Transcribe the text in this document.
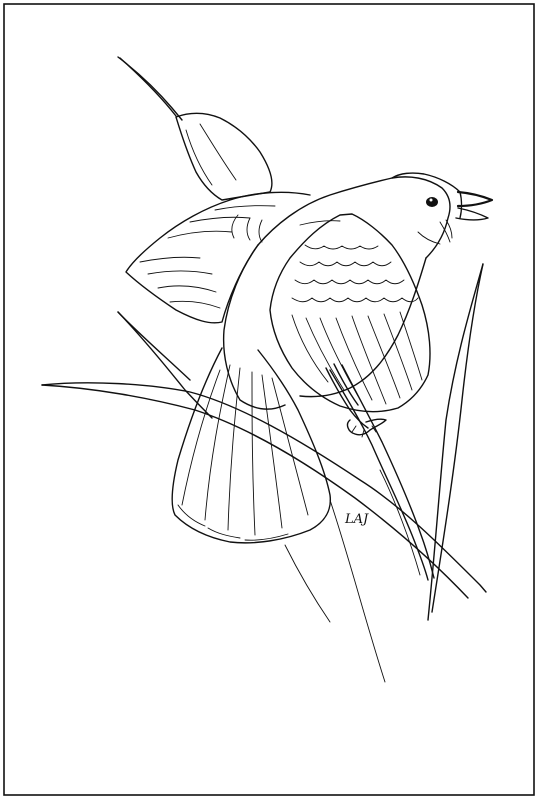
LAJ
